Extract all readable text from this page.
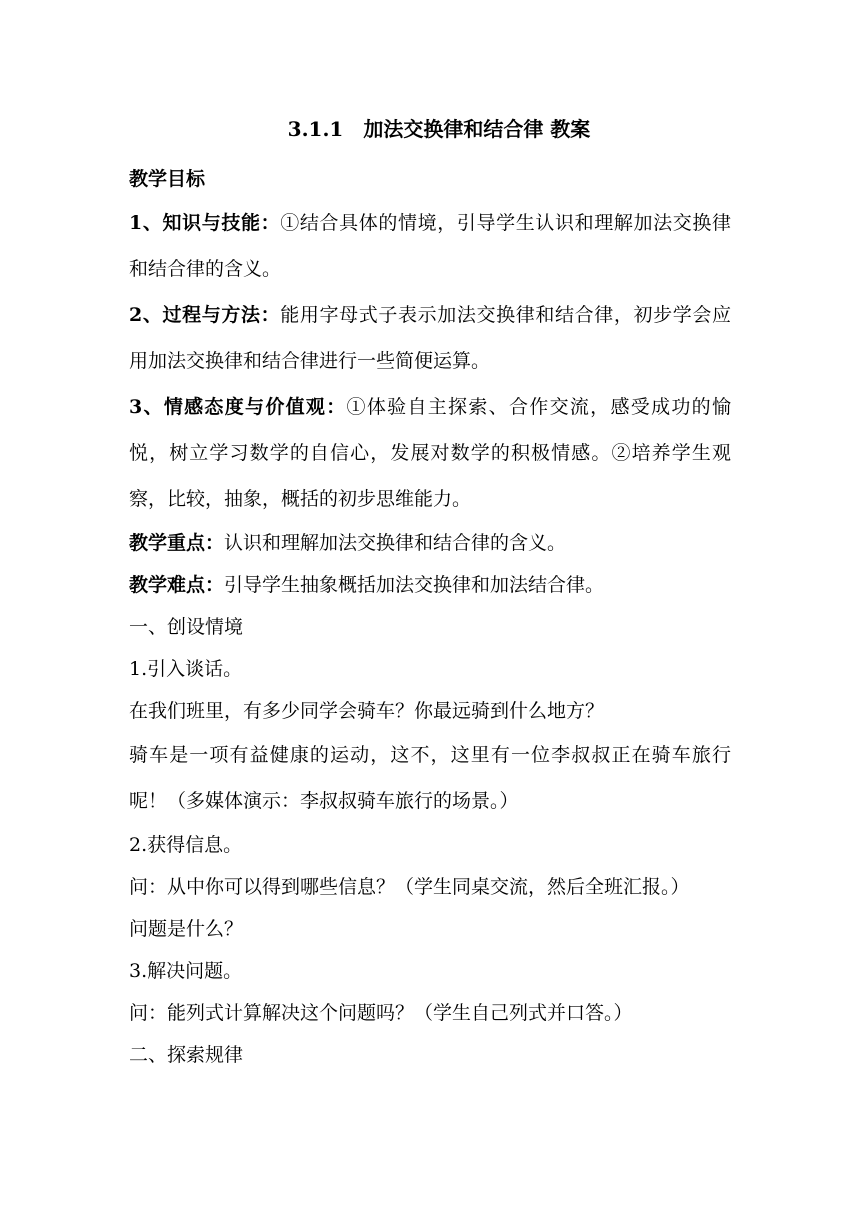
3.1.1　加法交换律和结合律 教案

教学目标

1、知识与技能：①结合具体的情境，引导学生认识和理解加法交换律和结合律的含义。

2、过程与方法：能用字母式子表示加法交换律和结合律，初步学会应用加法交换律和结合律进行一些简便运算。

3、情感态度与价值观：①体验自主探索、合作交流，感受成功的愉悦，树立学习数学的自信心，发展对数学的积极情感。②培养学生观察，比较，抽象，概括的初步思维能力。

教学重点：认识和理解加法交换律和结合律的含义。

教学难点：引导学生抽象概括加法交换律和加法结合律。

一、创设情境

1.引入谈话。

在我们班里，有多少同学会骑车？你最远骑到什么地方？

骑车是一项有益健康的运动，这不，这里有一位李叔叔正在骑车旅行呢！（多媒体演示：李叔叔骑车旅行的场景。）

2.获得信息。

问：从中你可以得到哪些信息？（学生同桌交流，然后全班汇报。）

问题是什么？

3.解决问题。

问：能列式计算解决这个问题吗？（学生自己列式并口答。）

二、探索规律
